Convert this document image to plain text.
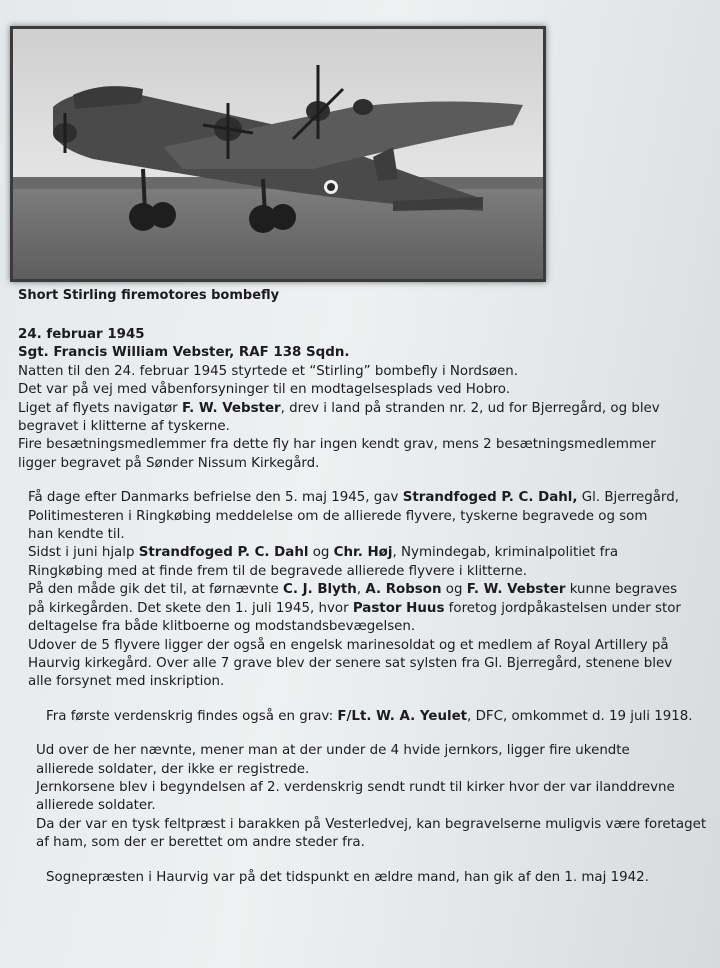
Short Stirling firemotores bombefly

24. februar 1945

Sgt. Francis William Vebster, RAF 138 Sqdn.

Natten til den 24. februar 1945 styrtede et “Stirling” bombefly i Nordsøen.

Det var på vej med våbenforsyninger til en modtagelsesplads ved Hobro.

Liget af flyets navigatør F. W. Vebster, drev i land på stranden nr. 2, ud for Bjerregård, og blev

begravet i klitterne af tyskerne.

Fire besætningsmedlemmer fra dette fly har ingen kendt grav, mens 2 besætningsmedlemmer

ligger begravet på Sønder Nissum Kirkegård.

Få dage efter Danmarks befrielse den 5. maj 1945, gav Strandfoged P. C. Dahl, Gl. Bjerregård,

Politimesteren i Ringkøbing meddelelse om de allierede flyvere, tyskerne begravede og som

han kendte til.

Sidst i juni hjalp Strandfoged P. C. Dahl og Chr. Høj, Nymindegab, kriminalpolitiet fra

Ringkøbing med at finde frem til de begravede allierede flyvere i klitterne.

På den måde gik det til, at førnævnte C. J. Blyth, A. Robson og F. W. Vebster kunne begraves

på kirkegården. Det skete den 1. juli 1945, hvor Pastor Huus foretog jordpåkastelsen under stor

deltagelse fra både klitboerne og modstandsbevægelsen.

Udover de 5 flyvere ligger der også en engelsk marinesoldat og et medlem af Royal Artillery på

Haurvig kirkegård. Over alle 7 grave blev der senere sat sylsten fra Gl. Bjerregård, stenene blev

alle forsynet med inskription.

Fra første verdenskrig findes også en grav: F/Lt. W. A. Yeulet, DFC, omkommet d. 19 juli 1918.

Ud over de her nævnte, mener man at der under de 4 hvide jernkors, ligger fire ukendte

allierede soldater, der ikke er registrede.

Jernkorsene blev i begyndelsen af 2. verdenskrig sendt rundt til kirker hvor der var ilanddrevne

allierede soldater.

Da der var en tysk feltpræst i barakken på Vesterledvej, kan begravelserne muligvis være foretaget

af ham, som der er berettet om andre steder fra.

Sognepræsten i Haurvig var på det tidspunkt en ældre mand, han gik af den 1. maj 1942.
